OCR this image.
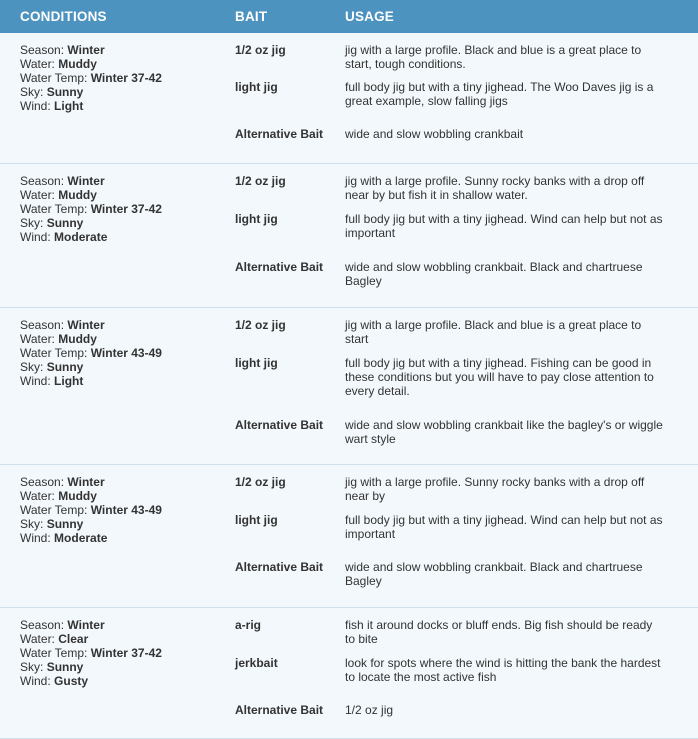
CONDITIONS	BAIT	USAGE
Season: Winter
Water: Muddy
Water Temp: Winter 37-42
Sky: Sunny
Wind: Light
1/2 oz jig	jig with a large profile. Black and blue is a great place to start, tough conditions.
light jig	full body jig but with a tiny jighead. The Woo Daves jig is a great example, slow falling jigs
Alternative Bait	wide and slow wobbling crankbait
Season: Winter
Water: Muddy
Water Temp: Winter 37-42
Sky: Sunny
Wind: Moderate
1/2 oz jig	jig with a large profile. Sunny rocky banks with a drop off near by but fish it in shallow water.
light jig	full body jig but with a tiny jighead. Wind can help but not as important
Alternative Bait	wide and slow wobbling crankbait. Black and chartruese Bagley
Season: Winter
Water: Muddy
Water Temp: Winter 43-49
Sky: Sunny
Wind: Light
1/2 oz jig	jig with a large profile. Black and blue is a great place to start
light jig	full body jig but with a tiny jighead. Fishing can be good in these conditions but you will have to pay close attention to every detail.
Alternative Bait	wide and slow wobbling crankbait like the bagley's or wiggle wart style
Season: Winter
Water: Muddy
Water Temp: Winter 43-49
Sky: Sunny
Wind: Moderate
1/2 oz jig	jig with a large profile. Sunny rocky banks with a drop off near by
light jig	full body jig but with a tiny jighead. Wind can help but not as important
Alternative Bait	wide and slow wobbling crankbait. Black and chartruese Bagley
Season: Winter
Water: Clear
Water Temp: Winter 37-42
Sky: Sunny
Wind: Gusty
a-rig	fish it around docks or bluff ends. Big fish should be ready to bite
jerkbait	look for spots where the wind is hitting the bank the hardest to locate the most active fish
Alternative Bait	1/2 oz jig
